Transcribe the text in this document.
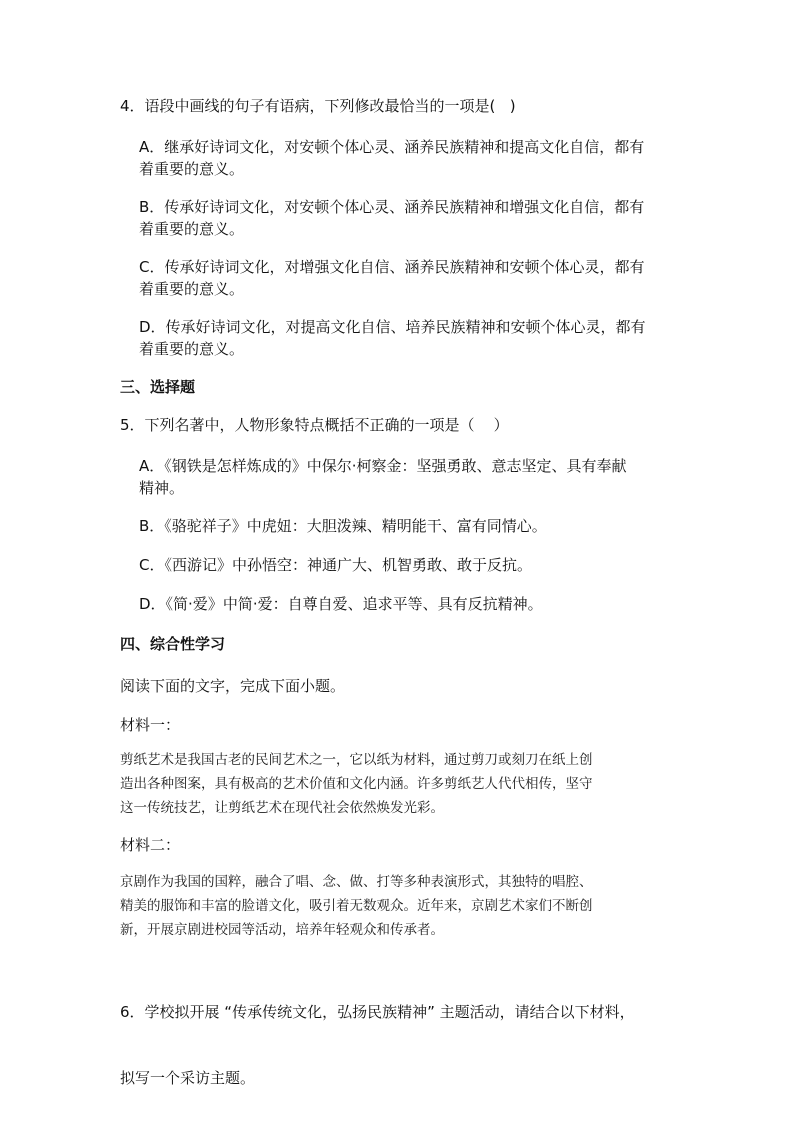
4．语段中画线的句子有语病，下列修改最恰当的一项是(   )
A．继承好诗词文化，对安顿个体心灵、涵养民族精神和提高文化自信，都有
着重要的意义。
B．传承好诗词文化，对安顿个体心灵、涵养民族精神和增强文化自信，都有
着重要的意义。
C．传承好诗词文化，对增强文化自信、涵养民族精神和安顿个体心灵，都有
着重要的意义。
D．传承好诗词文化，对提高文化自信、培养民族精神和安顿个体心灵，都有
着重要的意义。
三、选择题
5．下列名著中，人物形象特点概括不正确的一项是（    ）
A．《钢铁是怎样炼成的》中保尔·柯察金：坚强勇敢、意志坚定、具有奉献
精神。
B．《骆驼祥子》中虎妞：大胆泼辣、精明能干、富有同情心。
C．《西游记》中孙悟空：神通广大、机智勇敢、敢于反抗。
D．《简·爱》中简·爱：自尊自爱、追求平等、具有反抗精神。
四、综合性学习
阅读下面的文字，完成下面小题。
材料一：
剪纸艺术是我国古老的民间艺术之一，它以纸为材料，通过剪刀或刻刀在纸上创
造出各种图案，具有极高的艺术价值和文化内涵。许多剪纸艺人代代相传，坚守
这一传统技艺，让剪纸艺术在现代社会依然焕发光彩。
材料二：
京剧作为我国的国粹，融合了唱、念、做、打等多种表演形式，其独特的唱腔、
精美的服饰和丰富的脸谱文化，吸引着无数观众。近年来，京剧艺术家们不断创
新，开展京剧进校园等活动，培养年轻观众和传承者。

6．学校拟开展 “传承传统文化，弘扬民族精神” 主题活动，请结合以下材料，

拟写一个采访主题。
